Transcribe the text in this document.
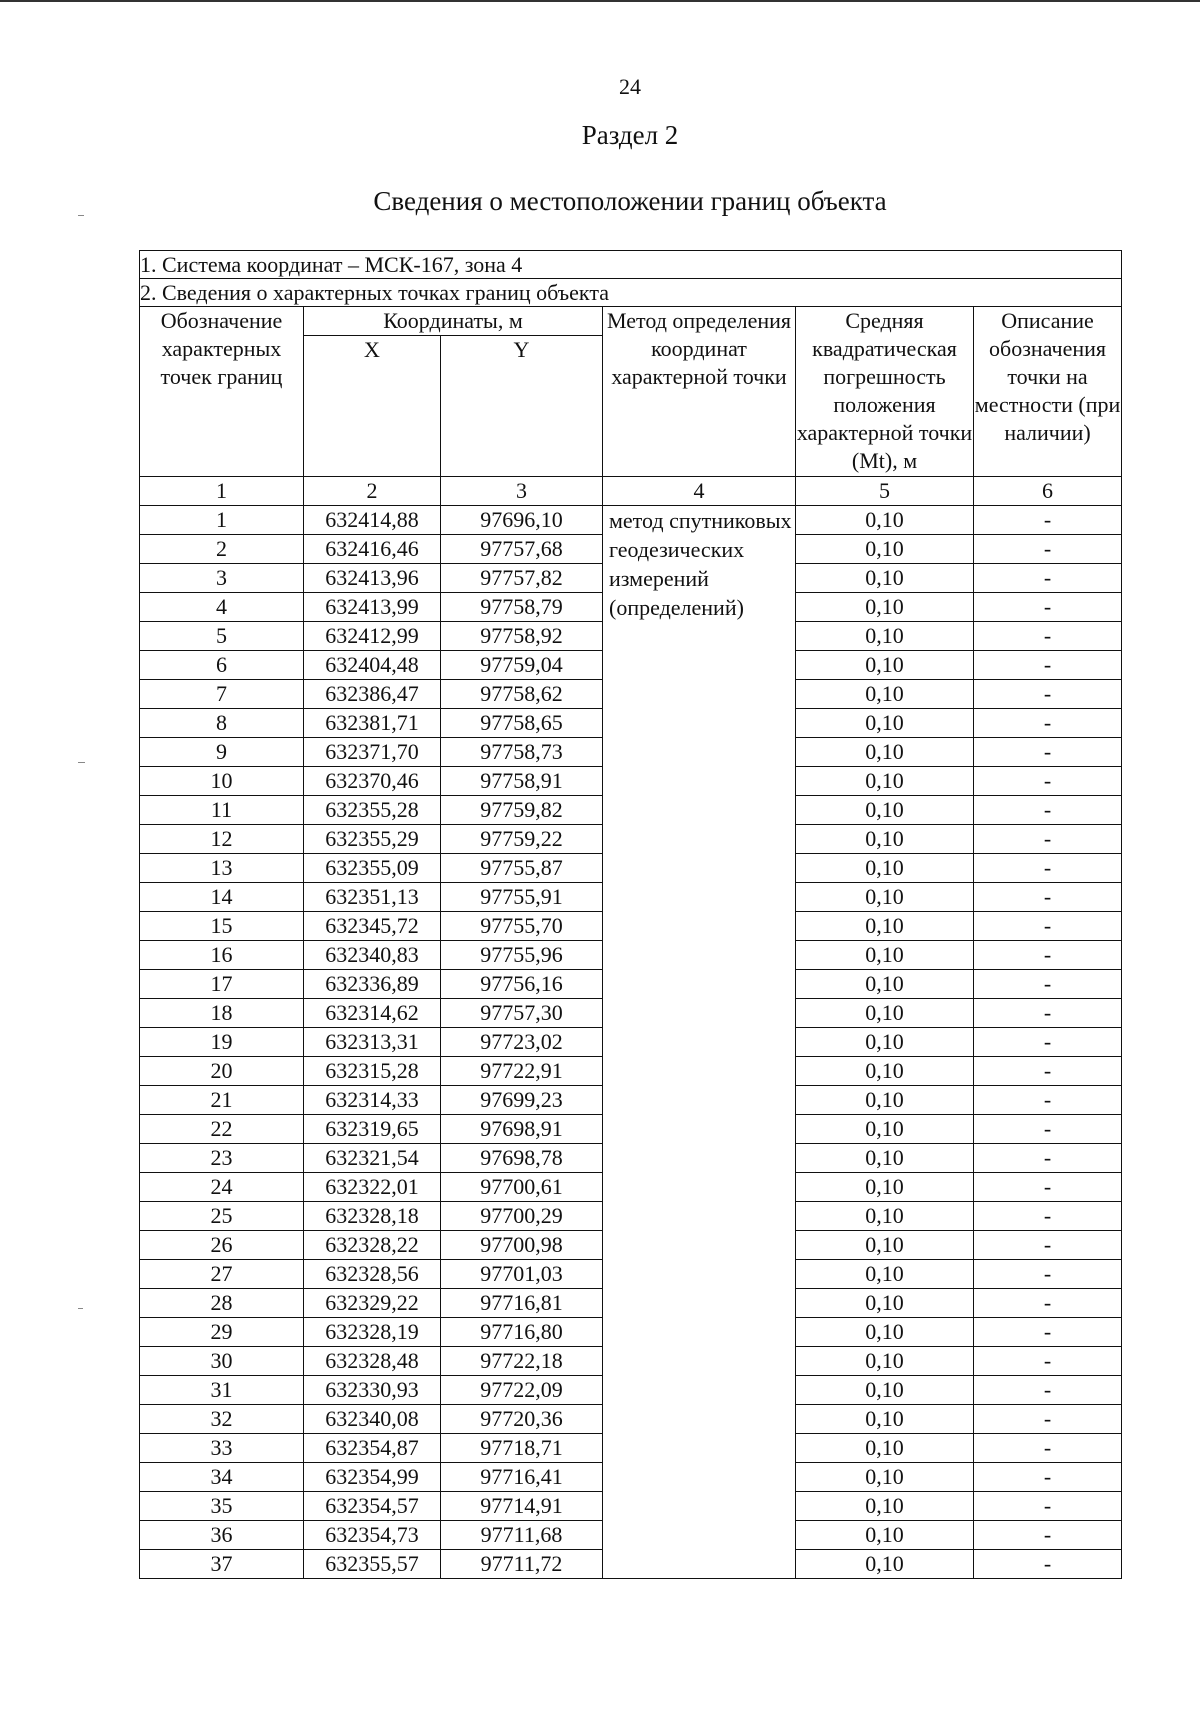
24
Раздел 2
Сведения о местоположении границ объекта
1. Система координат – МСК-167, зона 4					
2. Сведения о характерных точках границ объекта					
Обозначение характерных точек границ	Координаты, м		Метод определения координат характерной точки	Средняя квадратическая погрешность положения характерной точки (Mt), м	Описание обозначения точки на местности (при наличии)
	X	Y			
1	2	3	4	5	6
1	632414,88	97696,10	метод спутниковых геодезических измерений (определений)	0,10	-
2	632416,46	97757,68		0,10	-
3	632413,96	97757,82		0,10	-
4	632413,99	97758,79		0,10	-
5	632412,99	97758,92		0,10	-
6	632404,48	97759,04		0,10	-
7	632386,47	97758,62		0,10	-
8	632381,71	97758,65		0,10	-
9	632371,70	97758,73		0,10	-
10	632370,46	97758,91		0,10	-
11	632355,28	97759,82		0,10	-
12	632355,29	97759,22		0,10	-
13	632355,09	97755,87		0,10	-
14	632351,13	97755,91		0,10	-
15	632345,72	97755,70		0,10	-
16	632340,83	97755,96		0,10	-
17	632336,89	97756,16		0,10	-
18	632314,62	97757,30		0,10	-
19	632313,31	97723,02		0,10	-
20	632315,28	97722,91		0,10	-
21	632314,33	97699,23		0,10	-
22	632319,65	97698,91		0,10	-
23	632321,54	97698,78		0,10	-
24	632322,01	97700,61		0,10	-
25	632328,18	97700,29		0,10	-
26	632328,22	97700,98		0,10	-
27	632328,56	97701,03		0,10	-
28	632329,22	97716,81		0,10	-
29	632328,19	97716,80		0,10	-
30	632328,48	97722,18		0,10	-
31	632330,93	97722,09		0,10	-
32	632340,08	97720,36		0,10	-
33	632354,87	97718,71		0,10	-
34	632354,99	97716,41		0,10	-
35	632354,57	97714,91		0,10	-
36	632354,73	97711,68		0,10	-
37	632355,57	97711,72		0,10	-
